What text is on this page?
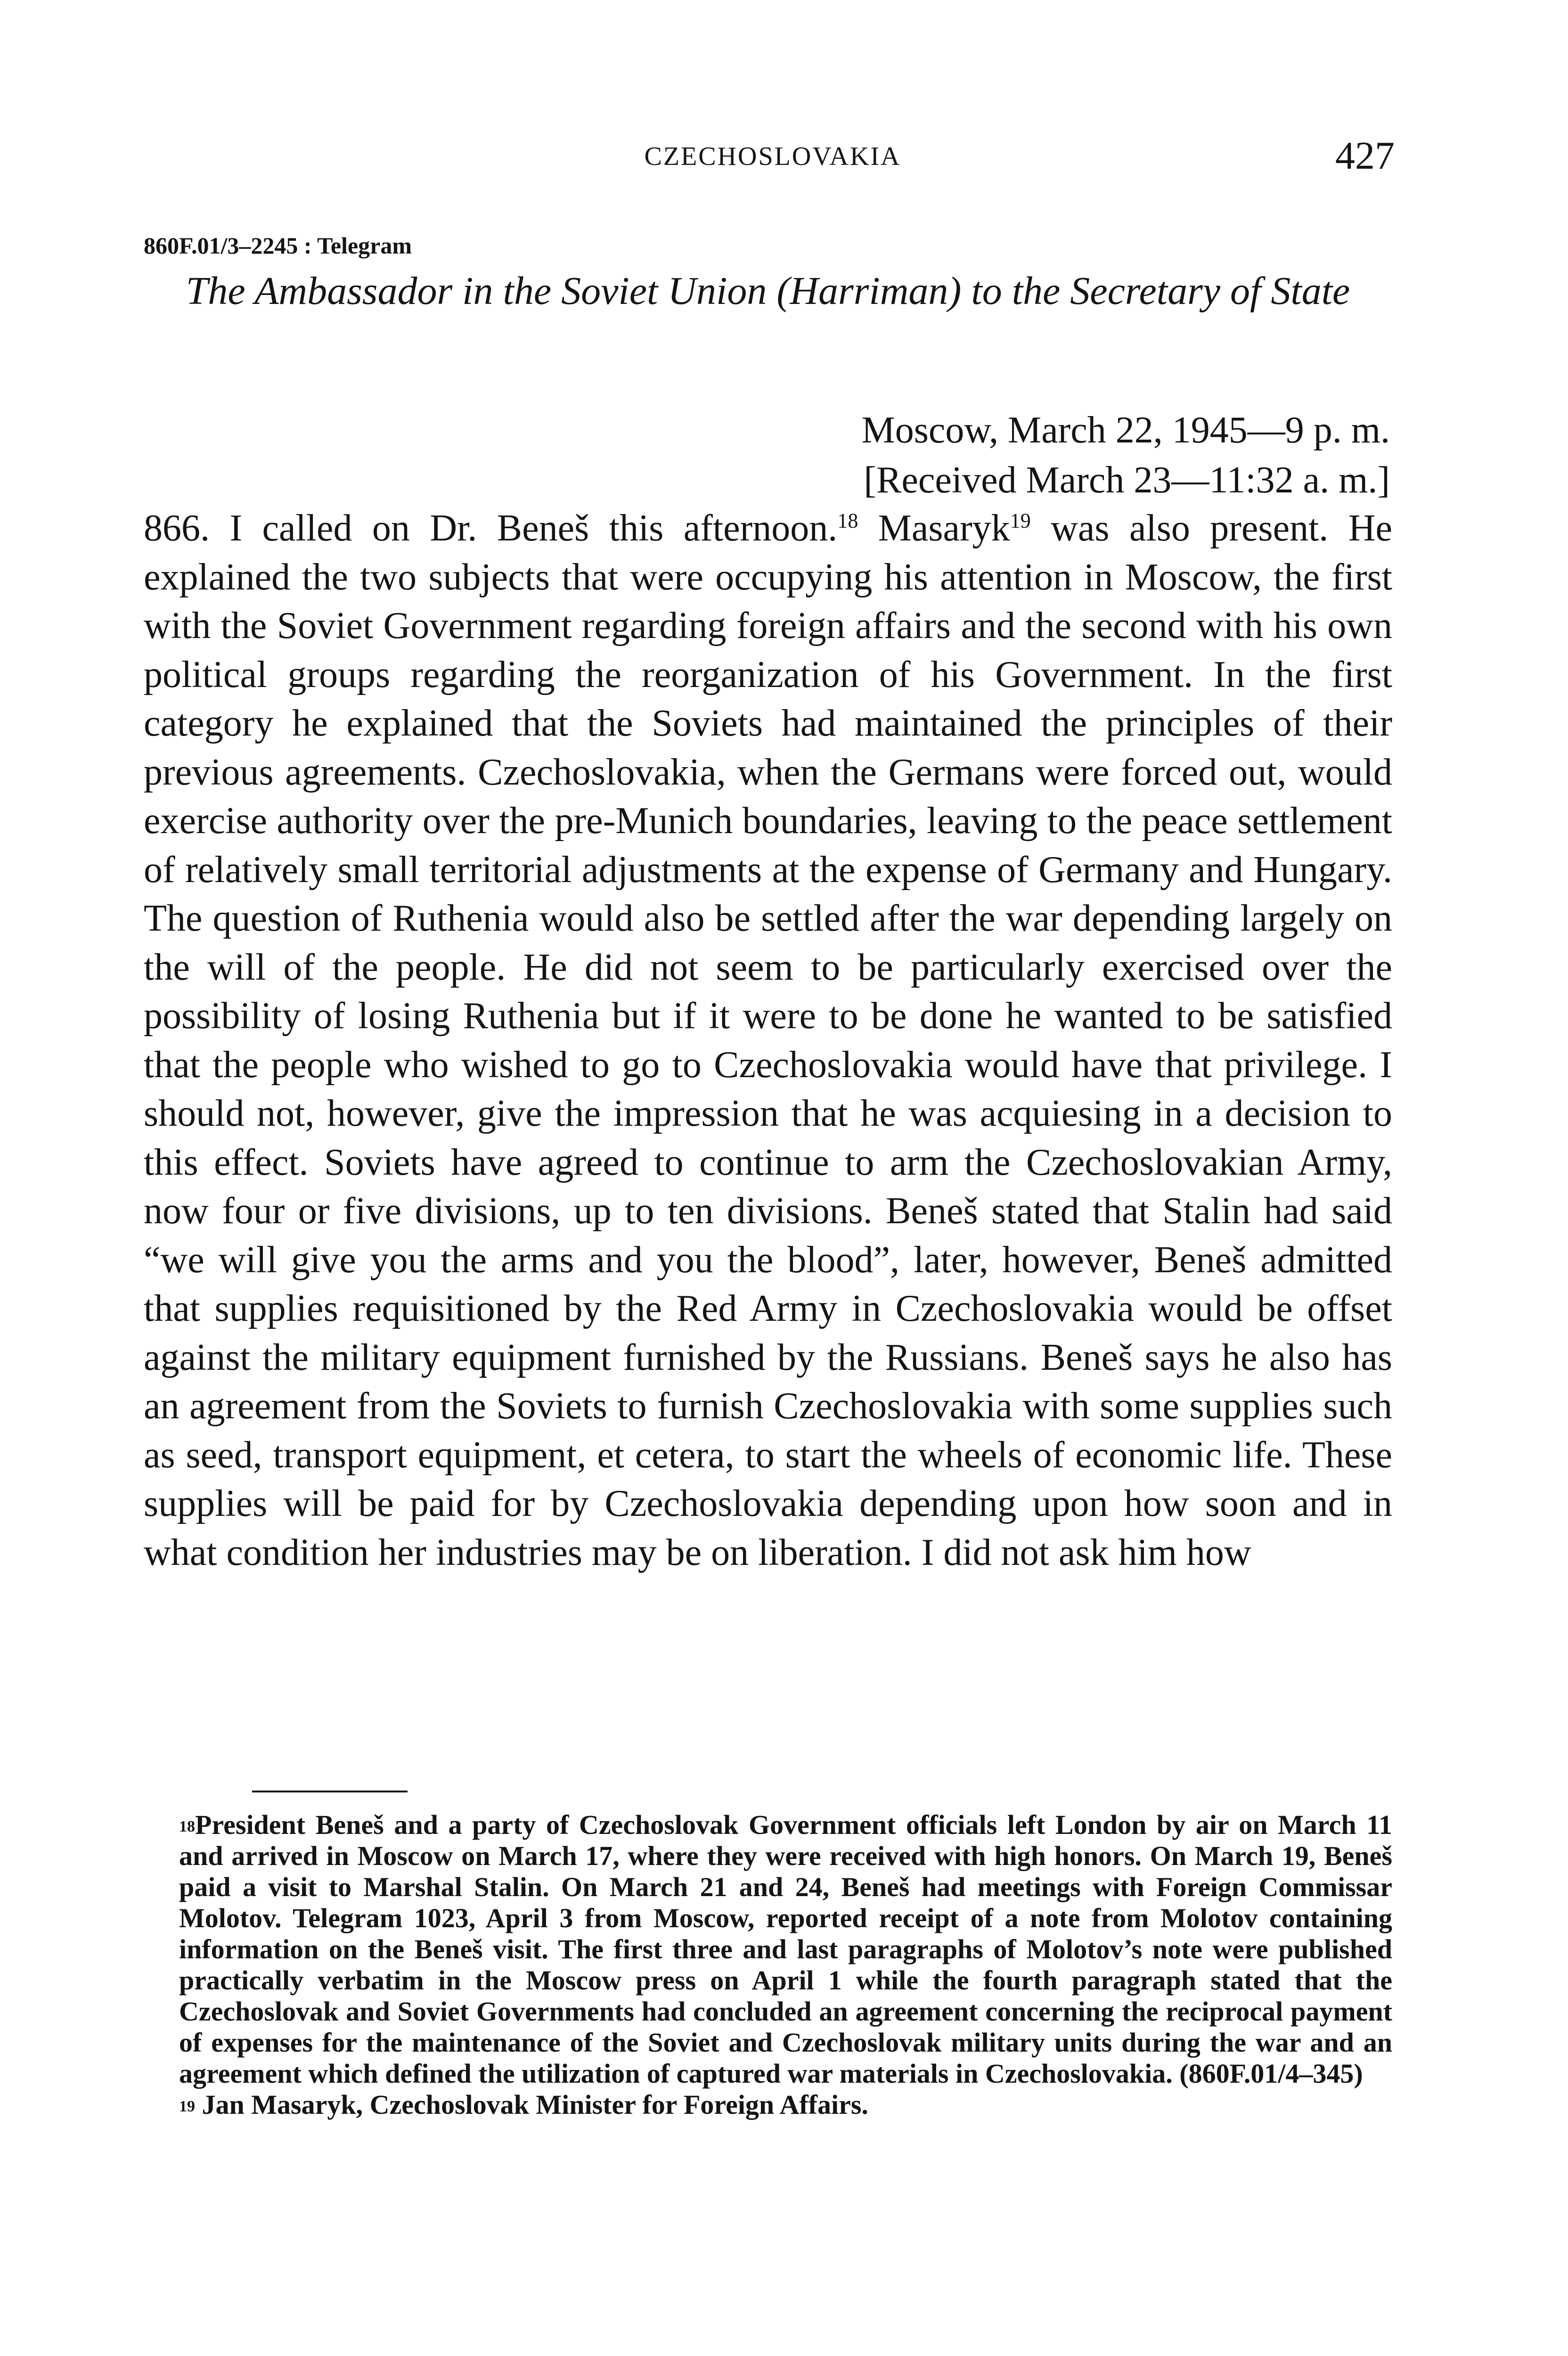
CZECHOSLOVAKIA	427
860F.01/3–2245 : Telegram
The Ambassador in the Soviet Union (Harriman) to the Secretary of State
Moscow, March 22, 1945—9 p. m.
[Received March 23—11:32 a. m.]

866. I called on Dr. Beneš this afternoon.$^{18}$ Masaryk$^{19}$ was also present. He explained the two subjects that were occupying his attention in Moscow, the first with the Soviet Government regarding foreign affairs and the second with his own political groups regarding the reorganization of his Government. In the first category he explained that the Soviets had maintained the principles of their previous agreements. Czechoslovakia, when the Germans were forced out, would exercise authority over the pre-Munich boundaries, leaving to the peace settlement of relatively small territorial adjustments at the expense of Germany and Hungary. The question of Ruthenia would also be settled after the war depending largely on the will of the people. He did not seem to be particularly exercised over the possibility of losing Ruthenia but if it were to be done he wanted to be satisfied that the people who wished to go to Czechoslovakia would have that privilege. I should not, however, give the impression that he was acquiesing in a decision to this effect. Soviets have agreed to continue to arm the Czechoslovakian Army, now four or five divisions, up to ten divisions. Beneš stated that Stalin had said “we will give you the arms and you the blood”, later, however, Beneš admitted that supplies requisitioned by the Red Army in Czechoslovakia would be offset against the military equipment furnished by the Russians. Beneš says he also has an agreement from the Soviets to furnish Czechoslovakia with some supplies such as seed, transport equipment, et cetera, to start the wheels of economic life. These supplies will be paid for by Czechoslovakia depending upon how soon and in what condition her industries may be on liberation. I did not ask him how

$^{18}$President Beneš and a party of Czechoslovak Government officials left London by air on March 11 and arrived in Moscow on March 17, where they were received with high honors. On March 19, Beneš paid a visit to Marshal Stalin. On March 21 and 24, Beneš had meetings with Foreign Commissar Molotov. Telegram 1023, April 3 from Moscow, reported receipt of a note from Molotov containing information on the Beneš visit. The first three and last paragraphs of Molotov’s note were published practically verbatim in the Moscow press on April 1 while the fourth paragraph stated that the Czechoslovak and Soviet Governments had concluded an agreement concerning the reciprocal payment of expenses for the maintenance of the Soviet and Czechoslovak military units during the war and an agreement which defined the utilization of captured war materials in Czechoslovakia. (860F.01/4–345)

$^{19}$ Jan Masaryk, Czechoslovak Minister for Foreign Affairs.
